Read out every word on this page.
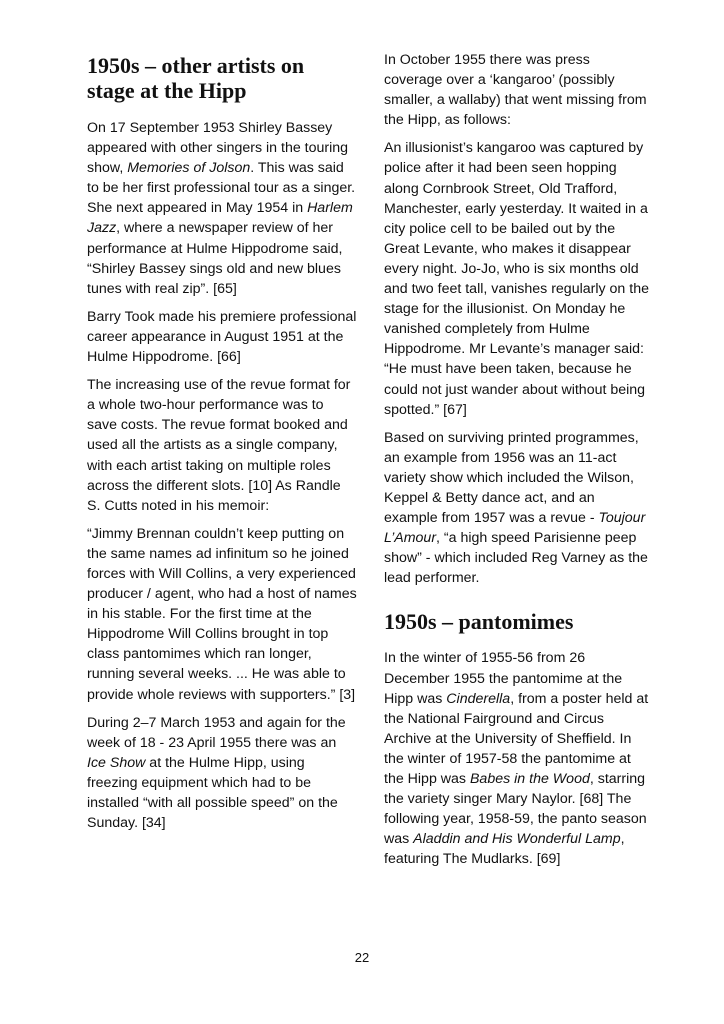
1950s – other artists on stage at the Hipp

On 17 September 1953 Shirley Bassey appeared with other singers in the touring show, Memories of Jolson. This was said to be her first professional tour as a singer. She next appeared in May 1954 in Harlem Jazz, where a newspaper review of her performance at Hulme Hippodrome said, “Shirley Bassey sings old and new blues tunes with real zip”. [65]

Barry Took made his premiere professional career appearance in August 1951 at the Hulme Hippodrome. [66]

The increasing use of the revue format for a whole two-hour performance was to save costs. The revue format booked and used all the artists as a single company, with each artist taking on multiple roles across the different slots. [10] As Randle S. Cutts noted in his memoir:

“Jimmy Brennan couldn’t keep putting on the same names ad infinitum so he joined forces with Will Collins, a very experienced producer / agent, who had a host of names in his stable. For the first time at the Hippodrome Will Collins brought in top class pantomimes which ran longer, running several weeks. ... He was able to provide whole reviews with supporters.” [3]

During 2–7 March 1953 and again for the week of 18 - 23 April 1955 there was an Ice Show at the Hulme Hipp, using freezing equipment which had to be installed “with all possible speed” on the Sunday. [34]

In October 1955 there was press coverage over a ‘kangaroo’ (possibly smaller, a wallaby) that went missing from the Hipp, as follows:

An illusionist’s kangaroo was captured by police after it had been seen hopping along Cornbrook Street, Old Trafford, Manchester, early yesterday. It waited in a city police cell to be bailed out by the Great Levante, who makes it disappear every night. Jo-Jo, who is six months old and two feet tall, vanishes regularly on the stage for the illusionist. On Monday he vanished completely from Hulme Hippodrome. Mr Levante’s manager said: “He must have been taken, because he could not just wander about without being spotted.” [67]

Based on surviving printed programmes, an example from 1956 was an 11-act variety show which included the Wilson, Keppel & Betty dance act, and an example from 1957 was a revue - Toujour L’Amour, “a high speed Parisienne peep show” - which included Reg Varney as the lead performer.

1950s – pantomimes

In the winter of 1955-56 from 26 December 1955 the pantomime at the Hipp was Cinderella, from a poster held at the National Fairground and Circus Archive at the University of Sheffield. In the winter of 1957-58 the pantomime at the Hipp was Babes in the Wood, starring the variety singer Mary Naylor. [68] The following year, 1958-59, the panto season was Aladdin and His Wonderful Lamp, featuring The Mudlarks. [69]

22
